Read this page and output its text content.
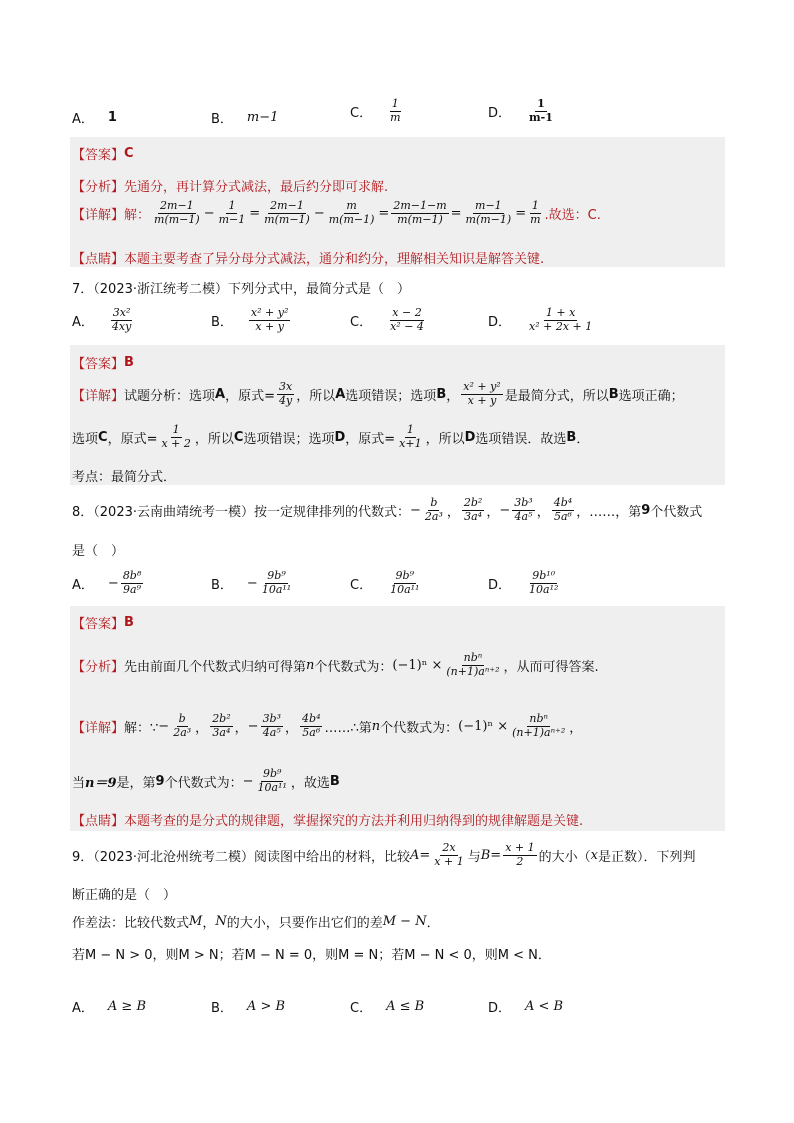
A． 1	B． m−1	C． $\frac{1}{m}$	D． $\frac{1}{m-1}$
【答案】 C
【分析】 先通分，再计算分式减法，最后约分即可求解.
【详解】 解： $\frac{2m-1}{m(m-1)} - \frac{1}{m-1} = \frac{2m-1}{m(m-1)} - \frac{m}{m(m-1)} = \frac{2m-1-m}{m(m-1)} = \frac{m-1}{m(m-1)} = \frac{1}{m}$ .故选：C.
【点睛】 本题主要考查了异分母分式减法，通分和约分，理解相关知识是解答关键.
7．（2023·浙江统考二模）下列分式中，最简分式是（　）
A． $\frac{\text{3x²}}{4xy}$	B． $\frac{\text{x² + y²}}{x + y}$	C． $\frac{x - 2}{\text{x² − 4}}$	D． $\frac{1 + x}{\text{x² + 2x + 1}}$
【答案】 B
【详解】 试题分析：选项 A ，原式= $\frac{3x}{4y}$ ，所以 A 选项错误；选项 B ， $\frac{\text{x² + y²}}{x + y}$ 是最简分式，所以 B 选项正确；
选项 C ，原式= $\frac{1}{x + 2}$ ，所以 C 选项错误；选项 D ，原式= $\frac{1}{x+1}$ ，所以 D 选项错误．故选 B ．
考点：最简分式．
8．（2023·云南曲靖统考一模）按一定规律排列的代数式： − $\frac{b}{\text{2a³}}$ ， $\frac{\text{2b²}}{\text{3a⁴}}$ ， − $\frac{\text{3b³}}{\text{4a⁵}}$ ， $\frac{\text{4b⁴}}{\text{5a⁶}}$ ，……，第 9 个代数式
是（　）
A． − $\frac{\text{8b⁸}}{\text{9a⁹}}$	B． − $\frac{\text{9b⁹}}{\text{10a¹¹}}$	C． $\frac{\text{9b⁹}}{\text{10a¹¹}}$	D． $\frac{\text{9b¹⁰}}{\text{10a¹²}}$
【答案】 B
【分析】 先由前面几个代数式归纳可得第 n 个代数式为： $(-1)^n \times \frac{\text{nbⁿ}}{\text{(n+1)aⁿ⁺²}}$ ，从而可得答案.
【详解】 解：∵ − $\frac{b}{\text{2a³}}$ ， $\frac{\text{2b²}}{\text{3a⁴}}$ ， − $\frac{\text{3b³}}{\text{4a⁵}}$ ， $\frac{\text{4b⁴}}{\text{5a⁶}}$ ……∴第 n 个代数式为： $(-1)^n \times \frac{\text{nbⁿ}}{\text{(n+1)aⁿ⁺²}}$ ，
当 n＝9 是，第 9 个代数式为： − $\frac{\text{9b⁹}}{\text{10a¹¹}}$ ，故选 B
【点睛】 本题考查的是分式的规律题，掌握探究的方法并利用归纳得到的规律解题是关键.
9．（2023·河北沧州统考二模）阅读图中给出的材料，比较 $A = \frac{2x}{x + 1}$ 与 $B = \frac{x + 1}{2}$ 的大小（ x 是正数）．下列判
断正确的是（　）
作差法：比较代数式 M ， N 的大小，只要作出它们的差 M − N ．
若M − N > 0，则M > N；若M − N = 0，则M = N；若M − N < 0，则M < N．
A． A ≥ B	B． A > B	C． A ≤ B	D． A < B
